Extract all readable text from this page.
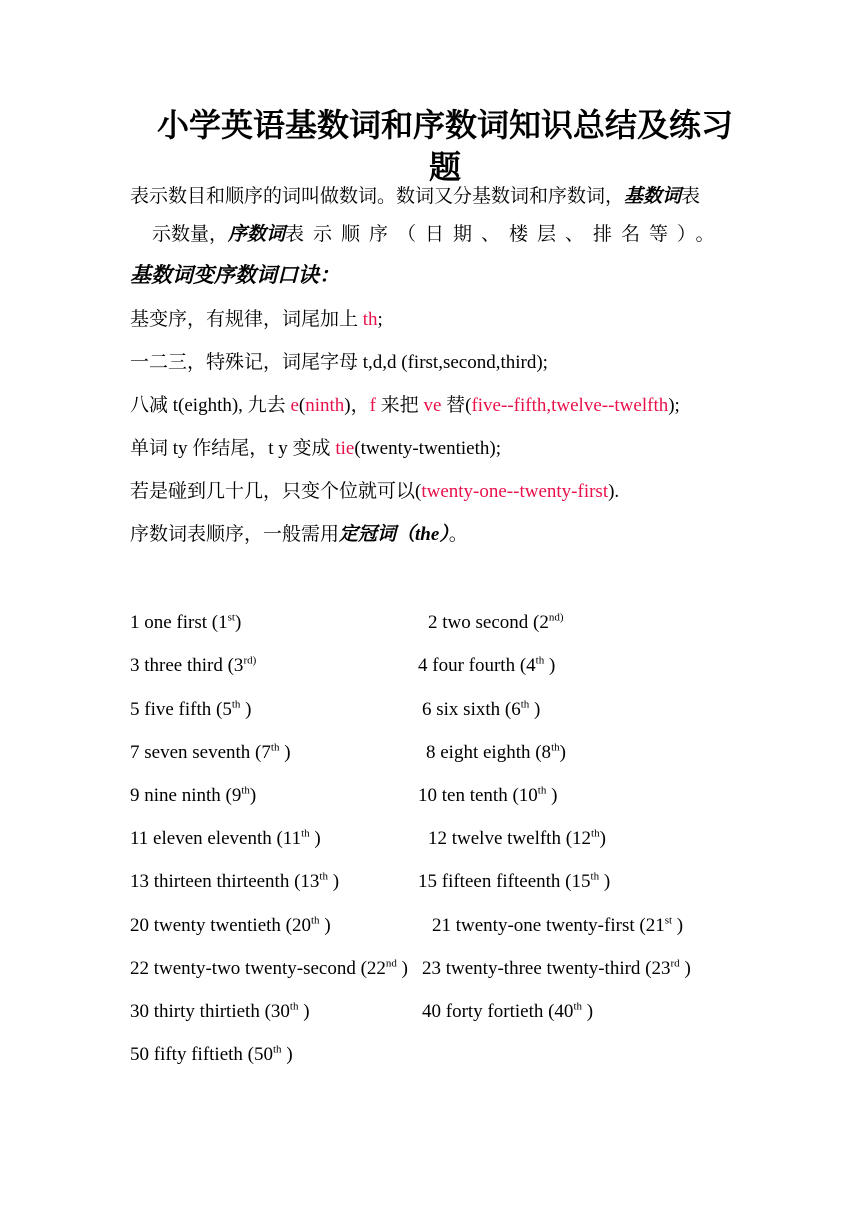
小学英语基数词和序数词知识总结及练习
题
表示数目和顺序的词叫做数词。数词又分基数词和序数词，基数词表
示数量，序数词表示顺序（日期、楼层、排名等）。
基数词变序数词口诀：
基变序，有规律，词尾加上 th;
一二三，特殊记，词尾字母 t,d,d (first,second,third);
八减 t(eighth), 九去 e(ninth)，f 来把 ve 替(five--fifth,twelve--twelfth);
单词 ty 作结尾，t y 变成 tie(twenty-twentieth);
若是碰到几十几，只变个位就可以(twenty-one--twenty-first).
序数词表顺序，一般需用定冠词（the）。
1 one first (1st)	2 two second ($2^{nd)}$
3 three third ($3^{rd)}$	4 four fourth (4th )
5 five fifth (5th )	6 six sixth (6th )
7 seven seventh (7th )	8 eight eighth (8th)
9 nine ninth (9th)	10 ten tenth (10th )
11 eleven eleventh (11th )	12 twelve twelfth (12th)
13 thirteen thirteenth (13th )	15 fifteen fifteenth (15th )
20 twenty twentieth (20th )	21 twenty-one twenty-first (21st )
22 twenty-two twenty-second (22nd ) 23 twenty-three twenty-third (23rd )
30 thirty thirtieth (30th )	40 forty fortieth (40th )
50 fifty fiftieth (50th )
